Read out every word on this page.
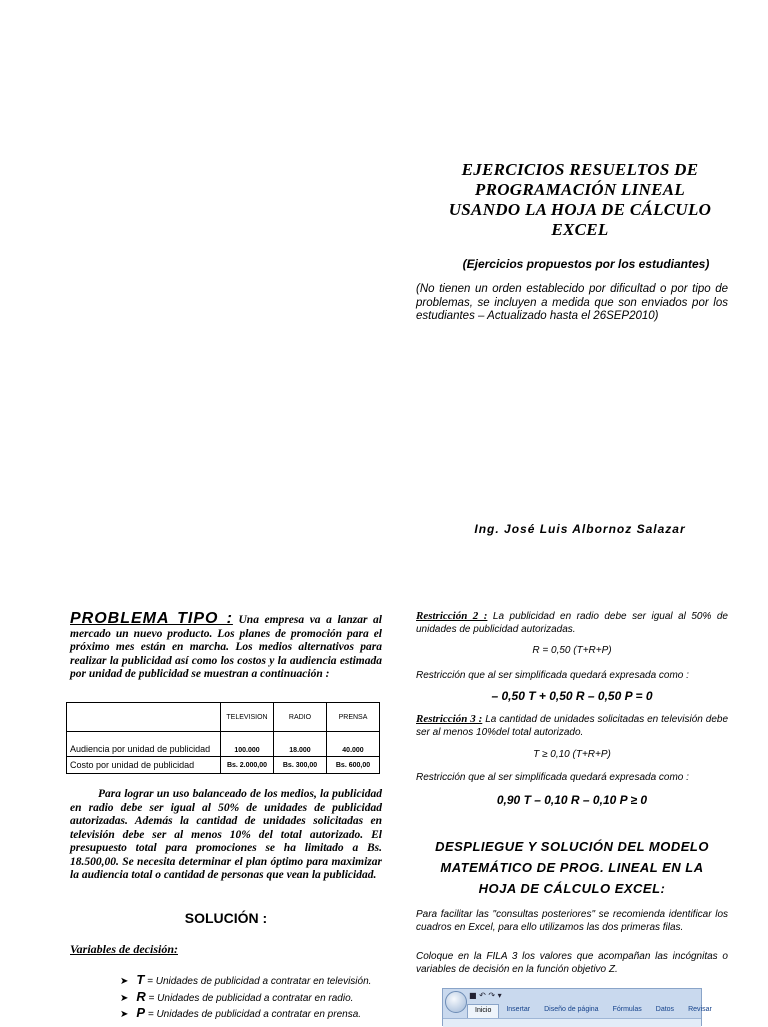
EJERCICIOS RESUELTOS DE
PROGRAMACIÓN LINEAL
USANDO LA HOJA DE CÁLCULO
EXCEL
(Ejercicios propuestos por los estudiantes)
(No tienen un orden establecido por dificultad o por tipo de problemas, se incluyen a medida que son enviados por los estudiantes – Actualizado hasta el 26SEP2010)
Ing. José Luis Albornoz Salazar

PROBLEMA TIPO : Una empresa va a lanzar al mercado un nuevo producto. Los planes de promoción para el próximo mes están en marcha. Los medios alternativos para realizar la publicidad así como los costos y la audiencia estimada por unidad de publicidad se muestran a continuación :

	TELEVISION	RADIO	PRENSA
Audiencia por unidad de publicidad	100.000	18.000	40.000
Costo por unidad de publicidad	Bs. 2.000,00	Bs. 300,00	Bs. 600,00
Para lograr un uso balanceado de los medios, la publicidad en radio debe ser igual al 50% de unidades de publicidad autorizadas. Además la cantidad de unidades solicitadas en televisión debe ser al menos 10% del total autorizado. El presupuesto total para promociones se ha limitado a Bs. 18.500,00. Se necesita determinar el plan óptimo para maximizar la audiencia total o cantidad de personas que vean la publicidad.
SOLUCIÓN :
Variables de decisión:
➤ T = Unidades de publicidad a contratar en televisión.
➤ R = Unidades de publicidad a contratar en radio.
➤ P = Unidades de publicidad a contratar en prensa.
Restricción 2 : La publicidad en radio debe ser igual al 50% de unidades de publicidad autorizadas.
R = 0,50 (T+R+P)
Restricción que al ser simplificada quedará expresada como :
– 0,50 T + 0,50 R – 0,50 P = 0
Restricción 3 : La cantidad de unidades solicitadas en televisión debe ser al menos 10%del total autorizado.
T ≥ 0,10 (T+R+P)
Restricción que al ser simplificada quedará expresada como :
0,90 T – 0,10 R – 0,10 P ≥ 0
DESPLIEGUE Y SOLUCIÓN DEL MODELO
MATEMÁTICO DE PROG. LINEAL EN LA
HOJA DE CÁLCULO EXCEL:
Para facilitar las "consultas posteriores" se recomienda identificar los cuadros en Excel, para ello utilizamos las dos primeras filas.
Coloque en la FILA 3 los valores que acompañan las incógnitas o variables de decisión en la función objetivo Z.
■ ↶ ↷ ▾
Inicio	Insertar	Diseño de página	Fórmulas	Datos	Revisar
